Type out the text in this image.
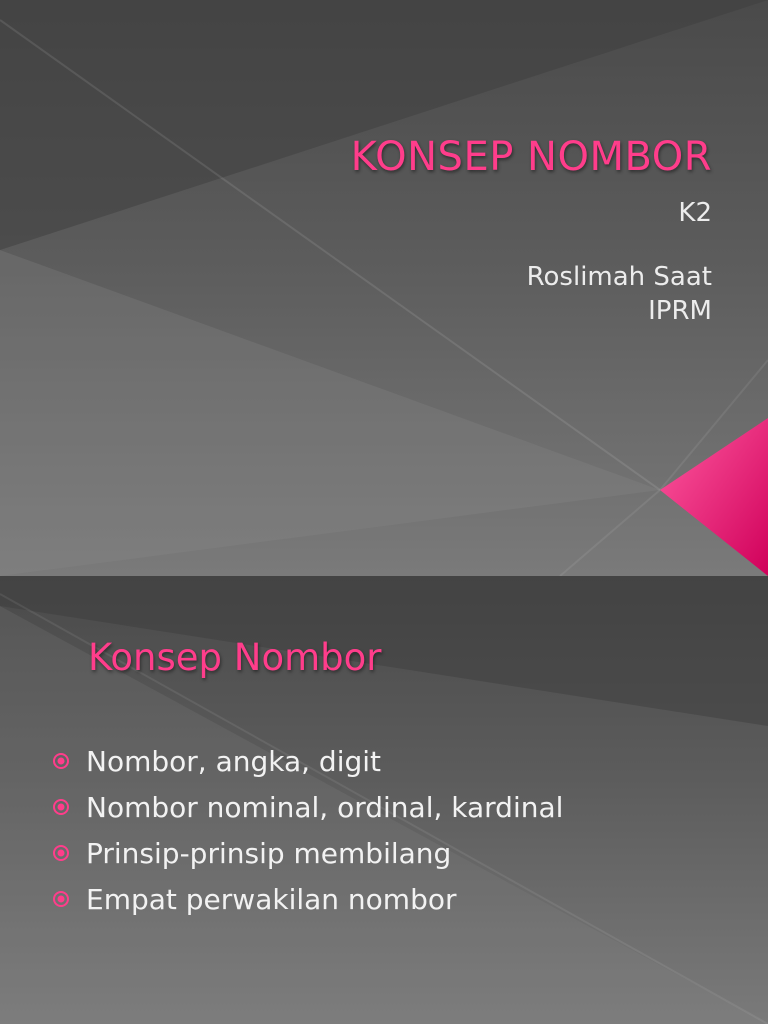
KONSEP NOMBOR
K2
Roslimah Saat
IPRM
Konsep Nombor
Nombor, angka, digit
Nombor nominal, ordinal, kardinal
Prinsip-prinsip membilang
Empat perwakilan nombor
